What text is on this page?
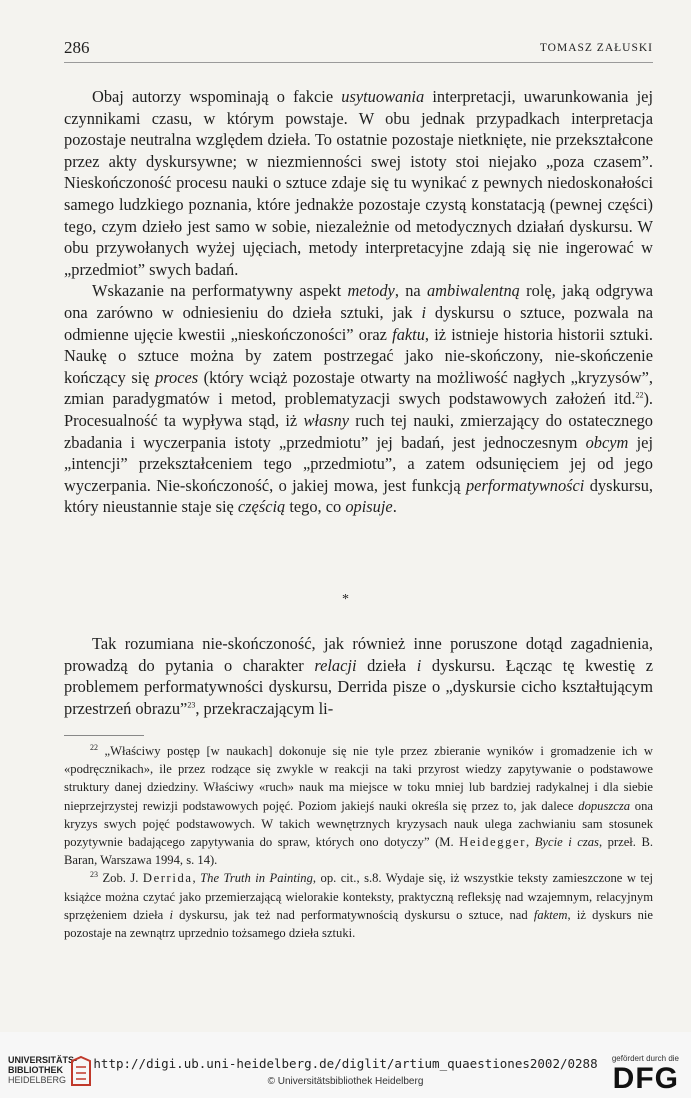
286	TOMASZ ZAŁUSKI

Obaj autorzy wspominają o fakcie usytuowania interpretacji, uwarunkowania jej czynnikami czasu, w którym powstaje. W obu jednak przypadkach interpretacja pozostaje neutralna względem dzieła. To ostatnie pozostaje nietknięte, nie przekształcone przez akty dyskursywne; w niezmienności swej istoty stoi niejako „poza czasem”. Nieskończoność procesu nauki o sztuce zdaje się tu wynikać z pewnych niedoskonałości samego ludzkiego poznania, które jednakże pozostaje czystą konstatacją (pewnej części) tego, czym dzieło jest samo w sobie, niezależnie od metodycznych działań dyskursu. W obu przywołanych wyżej ujęciach, metody interpretacyjne zdają się nie ingerować w „przedmiot” swych badań.

Wskazanie na performatywny aspekt metody, na ambiwalentną rolę, jaką odgrywa ona zarówno w odniesieniu do dzieła sztuki, jak i dyskursu o sztuce, pozwala na odmienne ujęcie kwestii „nieskończoności” oraz faktu, iż istnieje historia historii sztuki. Naukę o sztuce można by zatem postrzegać jako nie-skończony, nie-skończenie kończący się proces (który wciąż pozostaje otwarty na możliwość nagłych „kryzysów”, zmian paradygmatów i metod, problematyzacji swych podstawowych założeń itd.$^{22}$). Procesualność ta wypływa stąd, iż własny ruch tej nauki, zmierzający do ostatecznego zbadania i wyczerpania istoty „przedmiotu” jej badań, jest jednoczesnym obcym jej „intencji” przekształceniem tego „przedmiotu”, a zatem odsunięciem jej od jego wyczerpania. Nie-skończoność, o jakiej mowa, jest funkcją performatywności dyskursu, który nieustannie staje się częścią tego, co opisuje.

*

Tak rozumiana nie-skończoność, jak również inne poruszone dotąd zagadnienia, prowadzą do pytania o charakter relacji dzieła i dyskursu. Łącząc tę kwestię z problemem performatywności dyskursu, Derrida pisze o „dyskursie cicho kształtującym przestrzeń obrazu”$^{23}$, przekraczającym li-

$^{22}$ „Właściwy postęp [w naukach] dokonuje się nie tyle przez zbieranie wyników i gromadzenie ich w «podręcznikach», ile przez rodzące się zwykle w reakcji na taki przyrost wiedzy zapytywanie o podstawowe struktury danej dziedziny. Właściwy «ruch» nauk ma miejsce w toku mniej lub bardziej radykalnej i dla siebie nieprzejrzystej rewizji podstawowych pojęć. Poziom jakiejś nauki określa się przez to, jak dalece dopuszcza ona kryzys swych pojęć podstawowych. W takich wewnętrznych kryzysach nauk ulega zachwianiu sam stosunek pozytywnie badającego zapytywania do spraw, których ono dotyczy” (M. Heidegger, Bycie i czas, przeł. B. Baran, Warszawa 1994, s. 14).

$^{23}$ Zob. J. Derrida, The Truth in Painting, op. cit., s.8. Wydaje się, iż wszystkie teksty zamieszczone w tej książce można czytać jako przemierzającą wielorakie konteksty, praktyczną refleksję nad wzajemnym, relacyjnym sprzężeniem dzieła i dyskursu, jak też nad performatywnością dyskursu o sztuce, nad faktem, iż dyskurs nie pozostaje na zewnątrz uprzednio tożsamego dzieła sztuki.

UNIVERSITÄTS-
BIBLIOTHEK
HEIDELBERG
http://digi.ub.uni-heidelberg.de/diglit/artium_quaestiones2002/0288
© Universitätsbibliothek Heidelberg
gefördert durch die
DFG
